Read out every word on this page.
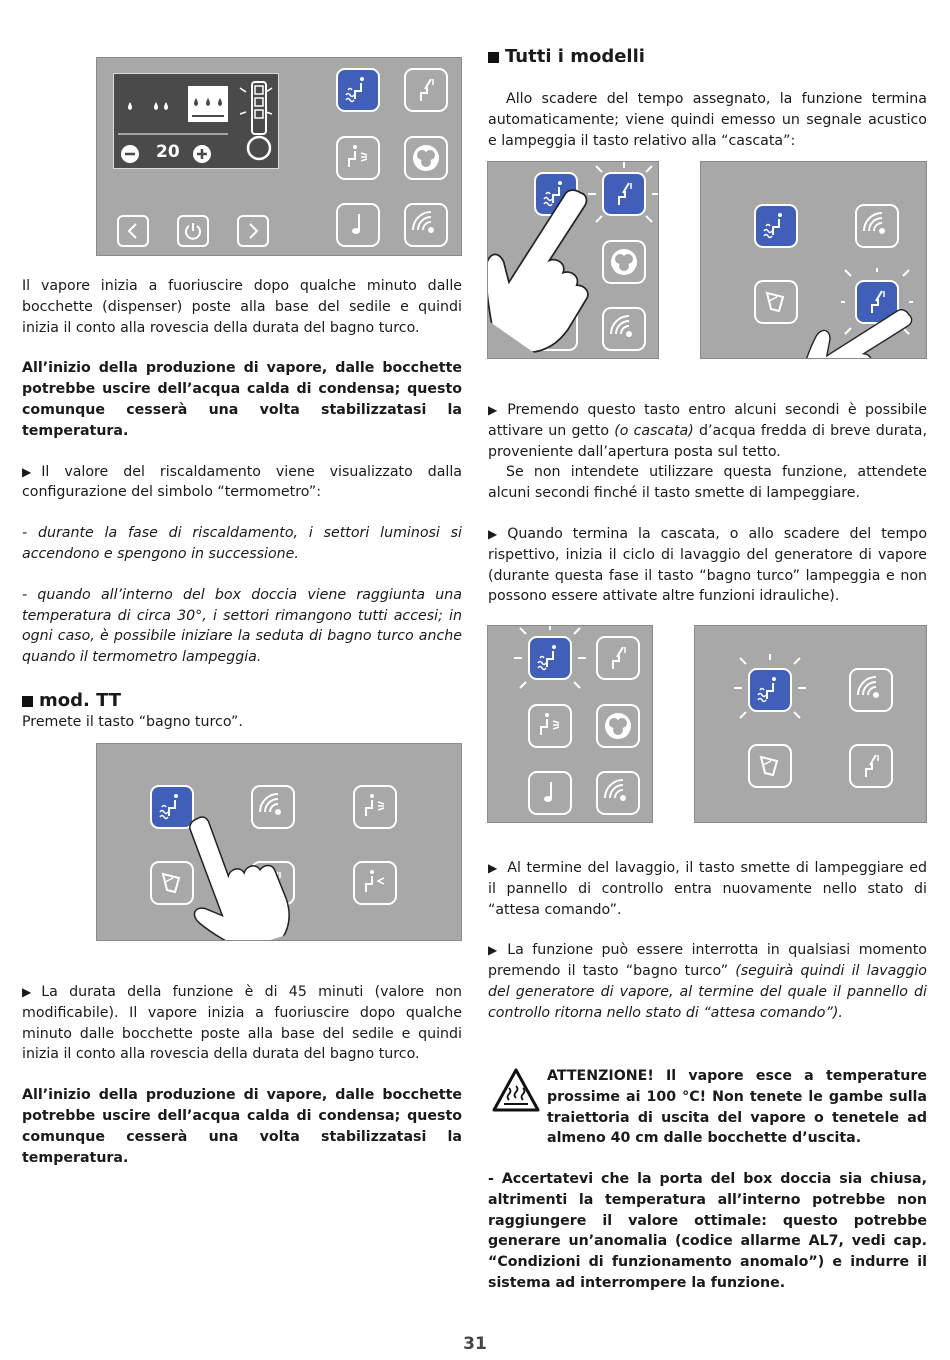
20

Il vapore inizia a fuoriuscire dopo qualche minuto dalle bocchette (dispenser) poste alla base del sedile e quindi inizia il conto alla rovescia della durata del bagno turco.

All’inizio della produzione di vapore, dalle bocchette potrebbe uscire dell’acqua calda di condensa; questo comunque cesserà una volta stabilizzatasi la temperatura.

▶ Il valore del riscaldamento viene visualizzato dalla configurazione del simbolo “termometro”:

- durante la fase di riscaldamento, i settori luminosi si accendono e spengono in successione.

- quando all’interno del box doccia viene raggiunta una temperatura di circa 30°, i settori rimangono tutti accesi; in ogni caso, è possibile iniziare la seduta di bagno turco anche quando il termometro lampeggia.

mod. TT

Premete il tasto “bagno turco”.

▶ La durata della funzione è di 45 minuti (valore non modificabile). Il vapore inizia a fuoriuscire dopo qualche minuto dalle bocchette poste alla base del sedile e quindi inizia il conto alla rovescia della durata del bagno turco.

All’inizio della produzione di vapore, dalle bocchette potrebbe uscire dell’acqua calda di condensa; questo comunque cesserà una volta stabilizzatasi la temperatura.

Tutti i modelli

Allo scadere del tempo assegnato, la funzione termina automaticamente; viene quindi emesso un segnale acustico e lampeggia il tasto relativo alla “cascata”:

▶ Premendo questo tasto entro alcuni secondi è possibile attivare un getto (o cascata) d’acqua fredda di breve durata, proveniente dall’apertura posta sul tetto.

Se non intendete utilizzare questa funzione, attendete alcuni secondi finché il tasto smette di lampeggiare.

▶ Quando termina la cascata, o allo scadere del tempo rispettivo, inizia il ciclo di lavaggio del generatore di vapore (durante questa fase il tasto “bagno turco” lampeggia e non possono essere attivate altre funzioni idrauliche).

▶ Al termine del lavaggio, il tasto smette di lampeggiare ed il pannello di controllo entra nuovamente nello stato di “attesa comando”.

▶ La funzione può essere interrotta in qualsiasi momento premendo il tasto “bagno turco” (seguirà quindi il lavaggio del generatore di vapore, al termine del quale il pannello di controllo ritorna nello stato di “attesa comando”).

ATTENZIONE! Il vapore esce a temperature prossime ai 100 °C! Non tenete le gambe sulla traiettoria di uscita del vapore o tenetele ad almeno 40 cm dalle bocchette d’uscita.

- Accertatevi che la porta del box doccia sia chiusa, altrimenti la temperatura all’interno potrebbe non raggiungere il valore ottimale: questo potrebbe generare un’anomalia (codice allarme AL7, vedi cap. “Condizioni di funzionamento anomalo”) e indurre il sistema ad interrompere la funzione.

31
